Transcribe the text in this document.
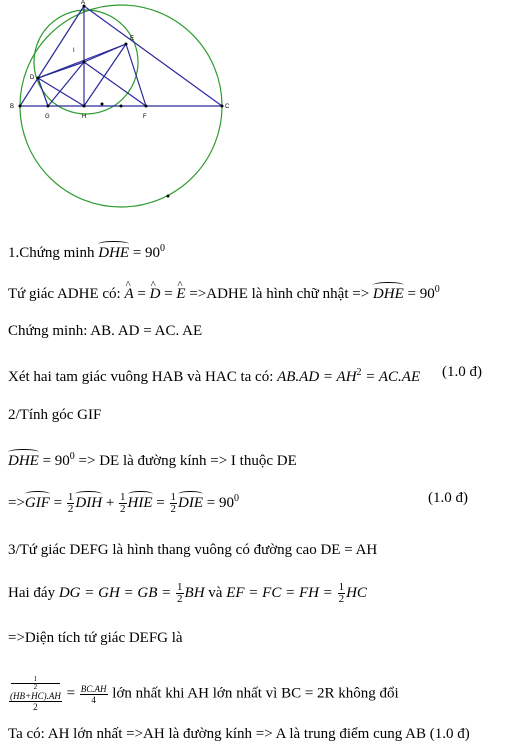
A
B	C
D
E
F
G	H
I
1.Chứng minh DHE = $90^0$
Tứ giác ADHE có: ^ A = ^ D = ^ E =>ADHE là hình chữ nhật => DHE = $90^0$
Chứng minh: AB. AD = AC. AE
Xét hai tam giác vuông HAB và HAC ta có: $AB.AD = AH^2 = AC.AE$ (1.0 đ)
2/Tính góc GIF
DHE = $90^0$ => DE là đường kính => I thuộc DE
$=>GIF = \frac{1}{2}$ DIH + $\frac{1}{2}$ HIE = $\frac{1}{2}$ DIE = $90^0$	(1.0 đ)
3/Tứ giác DEFG là hình thang vuông có đường cao DE = AH
Hai đáy DG = GH = GB = $\frac{1}{2}$ BH và EF = FC = FH = $\frac{1}{2}$ HC
=>Diện tích tứ giác DEFG là
1
2
(HB+HC).AH
$2 = \frac{BC.AH}{4}$ lớn nhất khi AH lớn nhất vì BC = 2R không đổi
Ta có: AH lớn nhất =>AH là đường kính => A là trung điểm cung AB (1.0 đ)
